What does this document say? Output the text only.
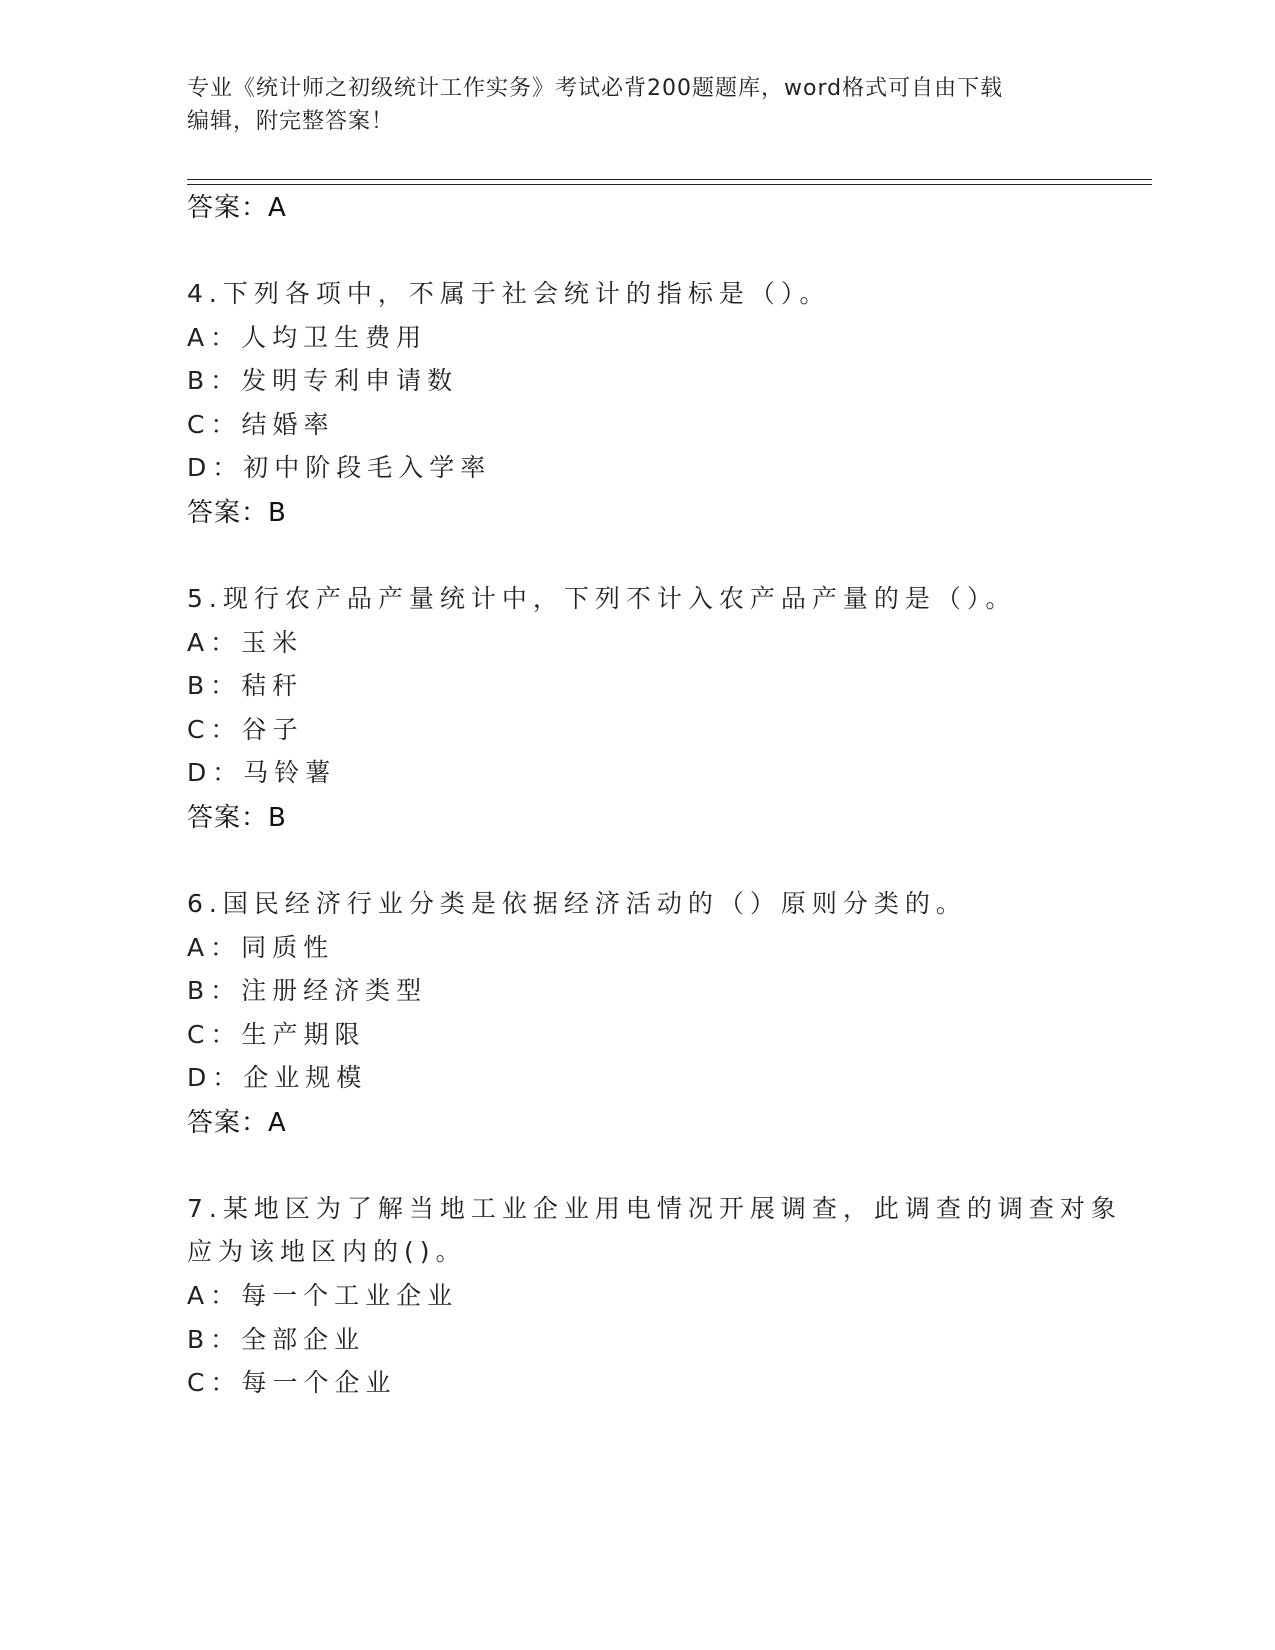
专业《统计师之初级统计工作实务》考试必背200题题库，word格式可自由下载
编辑，附完整答案！
答案：A
4.下列各项中，不属于社会统计的指标是（）。
A：人均卫生费用
B：发明专利申请数
C：结婚率
D：初中阶段毛入学率
答案：B
5.现行农产品产量统计中，下列不计入农产品产量的是（）。
A：玉米
B：秸秆
C：谷子
D：马铃薯
答案：B
6.国民经济行业分类是依据经济活动的（）原则分类的。
A：同质性
B：注册经济类型
C：生产期限
D：企业规模
答案：A
7.某地区为了解当地工业企业用电情况开展调查，此调查的调查对象
应为该地区内的()。
A：每一个工业企业
B：全部企业
C：每一个企业
